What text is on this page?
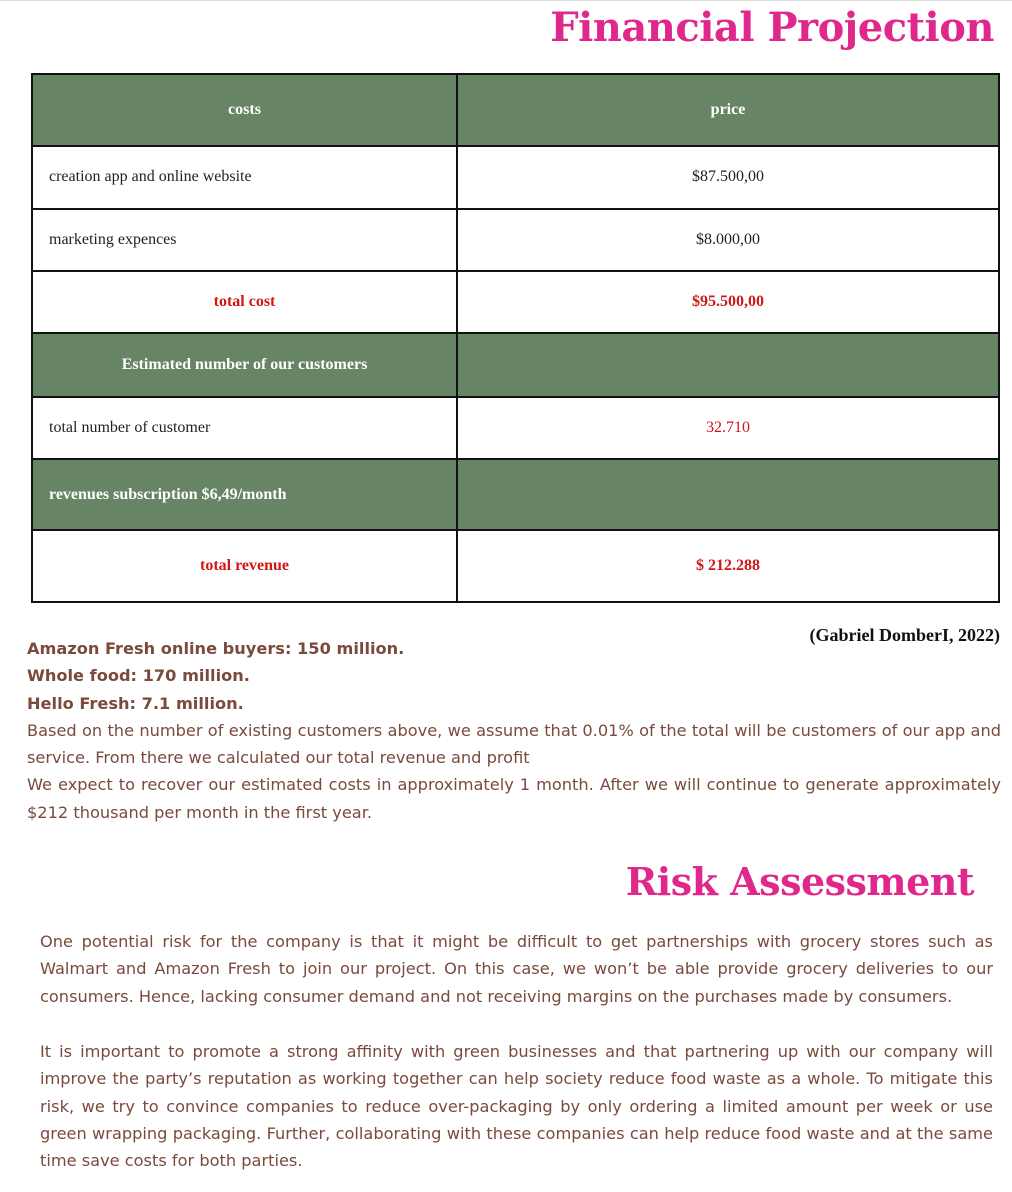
Financial Projection
costs	price
creation app and online website	$87.500,00
marketing expences	$8.000,00
total cost	$95.500,00
Estimated number of our customers	
total number of customer	32.710
revenues subscription $6,49/month	
total revenue	$ 212.288

(Gabriel DomberI, 2022)

Amazon Fresh online buyers: 150 million.
Whole food: 170 million.
Hello Fresh: 7.1 million.
Based on the number of existing customers above, we assume that 0.01% of the total will be customers of our app and service. From there we calculated our total revenue and profit
We expect to recover our estimated costs in approximately 1 month. After we will continue to generate approximately $212 thousand per month in the first year.
Risk Assessment

One potential risk for the company is that it might be difficult to get partnerships with grocery stores such as Walmart and Amazon Fresh to join our project. On this case, we won’t be able provide grocery deliveries to our consumers. Hence, lacking consumer demand and not receiving margins on the purchases made by consumers.

It is important to promote a strong affinity with green businesses and that partnering up with our company will improve the party’s reputation as working together can help society reduce food waste as a whole. To mitigate this risk, we try to convince companies to reduce over-packaging by only ordering a limited amount per week or use green wrapping packaging. Further, collaborating with these companies can help reduce food waste and at the same time save costs for both parties.
